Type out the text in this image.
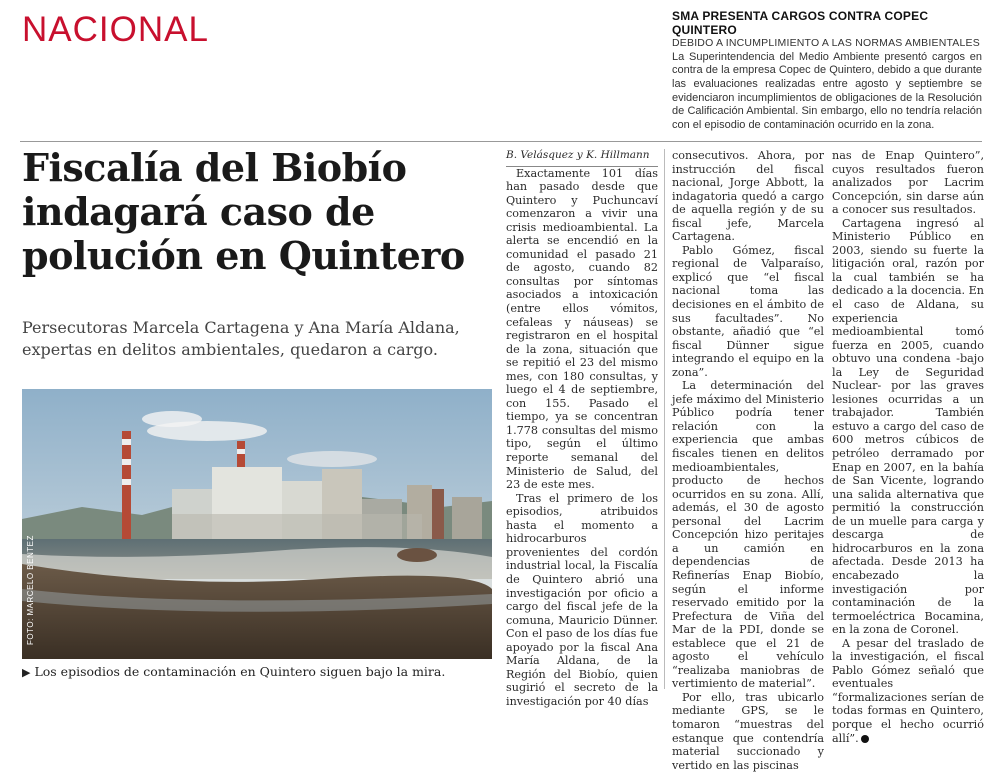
NACIONAL	SMA PRESENTA CARGOS CONTRA COPEC QUINTERO
DEBIDO A INCUMPLIMIENTO A LAS NORMAS AMBIENTALES
La Superintendencia del Medio Ambiente presentó cargos en contra de la empresa Copec de Quintero, debido a que durante las evaluaciones realizadas entre agosto y septiembre se evidenciaron incumplimientos de obligaciones de la Resolución de Calificación Ambiental. Sin embargo, ello no tendría relación con el episodio de contaminación ocurrido en la zona.
Fiscalía del Biobío indagará caso de polución en Quintero
Persecutoras Marcela Cartagena y Ana María Aldana, expertas en delitos ambientales, quedaron a cargo.
FOTO: MARCELO BENTEZ
▶ Los episodios de contaminación en Quintero siguen bajo la mira.

B. Velásquez y K. Hillmann

Exactamente 101 días han pasado desde que Quintero y Puchuncaví comenzaron a vivir una crisis medioambiental. La alerta se encendió en la comunidad el pasado 21 de agosto, cuando 82 consultas por síntomas asociados a intoxicación (entre ellos vómitos, cefaleas y náuseas) se registraron en el hospital de la zona, situación que se repitió el 23 del mismo mes, con 180 consultas, y luego el 4 de septiembre, con 155. Pasado el tiempo, ya se concentran 1.778 consultas del mismo tipo, según el último reporte semanal del Ministerio de Salud, del 23 de este mes.

Tras el primero de los episodios, atribuidos hasta el momento a hidrocarburos provenientes del cordón industrial local, la Fiscalía de Quintero abrió una investigación por oficio a cargo del fiscal jefe de la comuna, Mauricio Dünner. Con el paso de los días fue apoyado por la fiscal Ana María Aldana, de la Región del Biobío, quien sugirió el secreto de la investigación por 40 días

consecutivos. Ahora, por instrucción del fiscal nacional, Jorge Abbott, la indagatoria quedó a cargo de aquella región y de su fiscal jefe, Marcela Cartagena.

Pablo Gómez, fiscal regional de Valparaíso, explicó que “el fiscal nacional toma las decisiones en el ámbito de sus facultades”. No obstante, añadió que “el fiscal Dünner sigue integrando el equipo en la zona”.

La determinación del jefe máximo del Ministerio Público podría tener relación con la experiencia que ambas fiscales tienen en delitos medioambientales, producto de hechos ocurridos en su zona. Allí, además, el 30 de agosto personal del Lacrim Concepción hizo peritajes a un camión en dependencias de Refinerías Enap Biobío, según el informe reservado emitido por la Prefectura de Viña del Mar de la PDI, donde se establece que el 21 de agosto el vehículo “realizaba maniobras de vertimiento de material”.

Por ello, tras ubicarlo mediante GPS, se le tomaron “muestras del estanque que contendría material succionado y vertido en las piscinas

nas de Enap Quintero”, cuyos resultados fueron analizados por Lacrim Concepción, sin darse aún a conocer sus resultados.

Cartagena ingresó al Ministerio Público en 2003, siendo su fuerte la litigación oral, razón por la cual también se ha dedicado a la docencia. En el caso de Aldana, su experiencia medioambiental tomó fuerza en 2005, cuando obtuvo una condena -bajo la Ley de Seguridad Nuclear- por las graves lesiones ocurridas a un trabajador. También estuvo a cargo del caso de 600 metros cúbicos de petróleo derramado por Enap en 2007, en la bahía de San Vicente, logrando una salida alternativa que permitió la construcción de un muelle para carga y descarga de hidrocarburos en la zona afectada. Desde 2013 ha encabezado la investigación por contaminación de la termoeléctrica Bocamina, en la zona de Coronel.

A pesar del traslado de la investigación, el fiscal Pablo Gómez señaló que eventuales “formalizaciones serían de todas formas en Quintero, porque el hecho ocurrió allí”.
